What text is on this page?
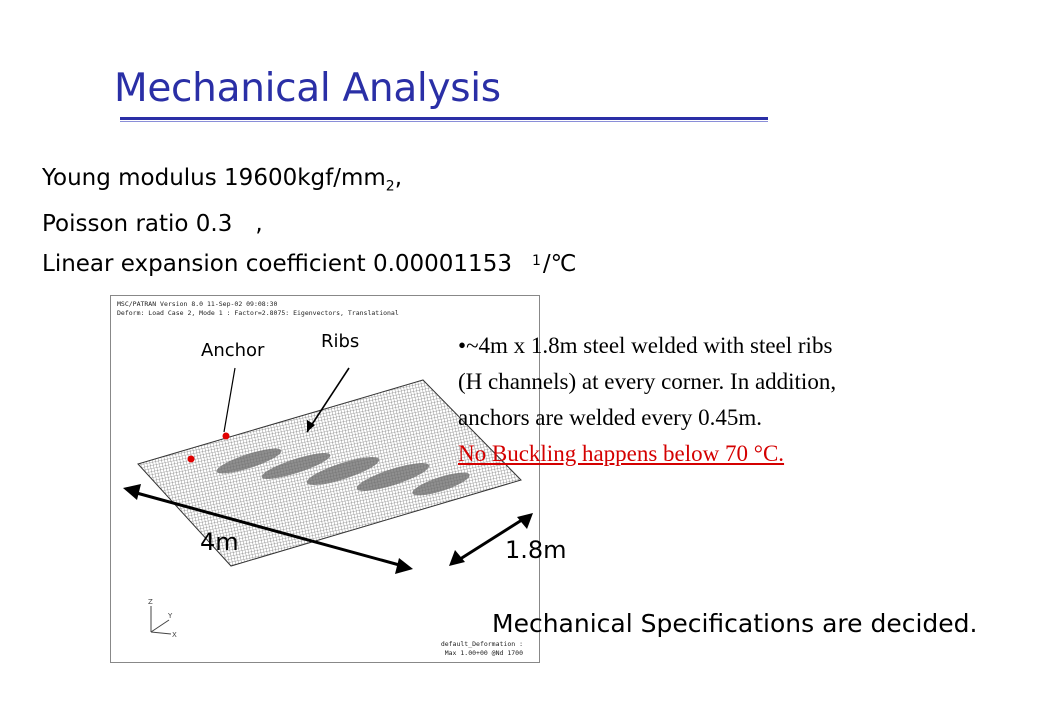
Mechanical Analysis
Young modulus $19600kgf/mm_2$,
Poisson ratio 0.3　,
Linear expansion coefficient 0.00001153 $^1$/℃
MSC/PATRAN Version 8.0 11-Sep-02 09:08:30
Deform: Load Case 2, Mode 1 : Factor=2.8075: Eigenvectors, Translational
Z
Y
X
default_Deformation :
Max 1.00+00 @Nd 1700
Anchor	Ribs
4m	1.8m
•~4m x 1.8m steel welded with steel ribs
(H channels) at every corner. In addition,
anchors are welded every 0.45m.
No Buckling happens below 70 °C.
Mechanical Specifications are decided.
